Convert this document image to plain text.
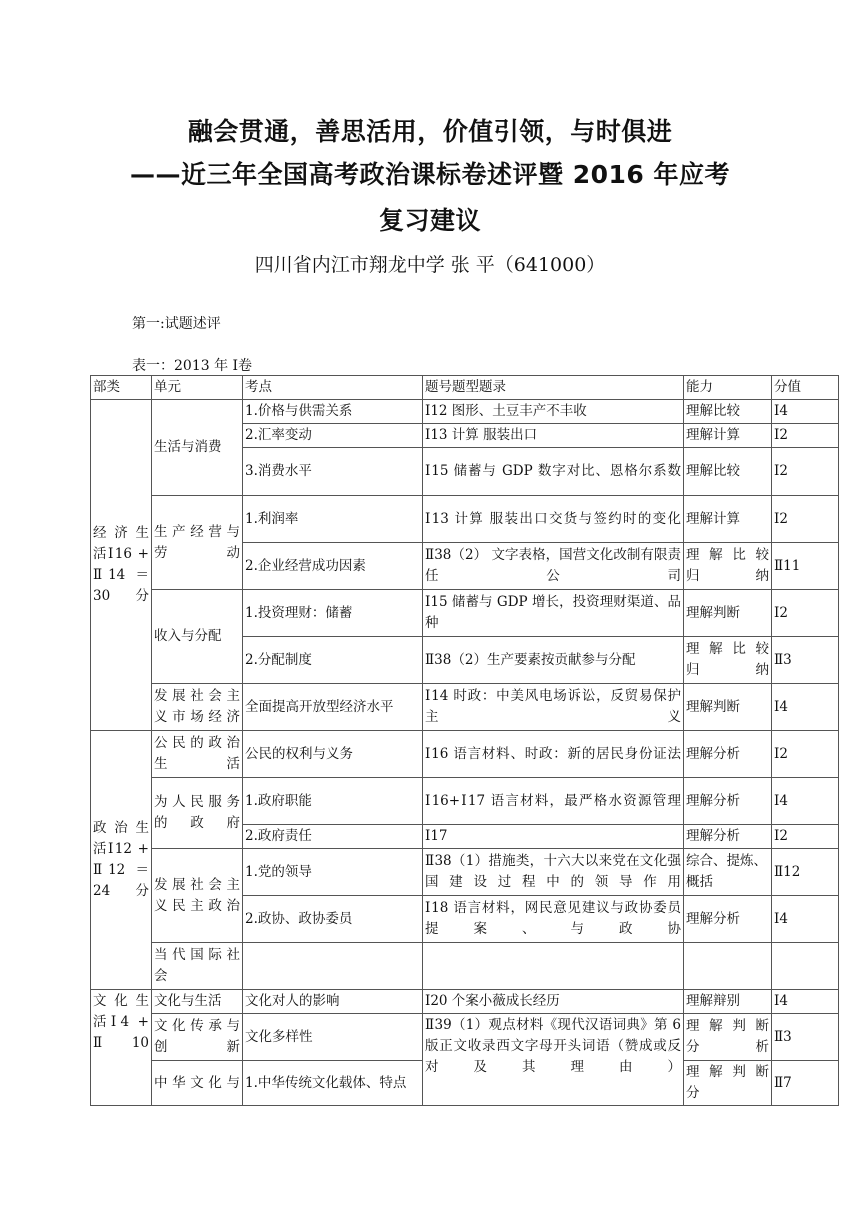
融会贯通，善思活用，价值引领，与时俱进
——近三年全国高考政治课标卷述评暨 2016 年应考
复习建议
四川省内江市翔龙中学 张 平（641000）
第一:试题述评
表一：2013 年 Ⅰ卷
部类	单元	考点	题号题型题录	能力	分值
经 济 生活Ⅰ16 + Ⅱ14 ＝ 30 分	生活与消费	1.价格与供需关系	Ⅰ12 图形、土豆丰产不丰收	理解比较	Ⅰ4
		2.汇率变动	Ⅰ13 计算 服装出口	理解计算	Ⅰ2
		3.消费水平	Ⅰ15 储蓄与 GDP 数字对比、恩格尔系数	理解比较	Ⅰ2
	生 产 经 营 与劳动	1.利润率	Ⅰ13 计算 服装出口交货与签约时的变化	理解计算	Ⅰ2
		2.企业经营成功因素	Ⅱ38（2） 文字表格，国营文化改制有限责任公司	理 解 比 较 归纳	Ⅱ11
	收入与分配	1.投资理财：储蓄	Ⅰ15 储蓄与 GDP 增长，投资理财渠道、品种	理解判断	Ⅰ2
		2.分配制度	Ⅱ38（2）生产要素按贡献参与分配	理 解 比 较 归纳	Ⅱ3
	发 展 社 会 主义市场经济	全面提高开放型经济水平	Ⅰ14 时政：中美风电场诉讼，反贸易保护主义	理解判断	Ⅰ4
政 治 生活Ⅰ12 + Ⅱ12 ＝ 24 分	公 民 的 政 治生活	公民的权利与义务	Ⅰ16 语言材料、时政：新的居民身份证法	理解分析	Ⅰ2
	为 人 民 服 务的政府	1.政府职能	Ⅰ16+Ⅰ17 语言材料，最严格水资源管理	理解分析	Ⅰ4
		2.政府责任	Ⅰ17	理解分析	Ⅰ2
	发 展 社 会 主义民主政治	1.党的领导	Ⅱ38（1）措施类，十六大以来党在文化强国建设过程中的领导作用	综合、提炼、概括	Ⅱ12
		2.政协、政协委员	Ⅰ18 语言材料，网民意见建议与政协委员提案、与政协	理解分析	Ⅰ4
	当 代 国 际 社会				
文 化 生活Ⅰ4 + Ⅱ10	文化与生活	文化对人的影响	Ⅰ20 个案小薇成长经历	理解辩别	Ⅰ4
	文 化 传 承 与创新	文化多样性	Ⅱ39（1）观点材料《现代汉语词典》第 6 版正文收录西文字母开头词语（赞成或反对及其理由）	理 解 判 断 分析	Ⅱ3
	中 华 文 化 与	1.中华传统文化载体、特点		理 解 判 断 分	Ⅱ7
